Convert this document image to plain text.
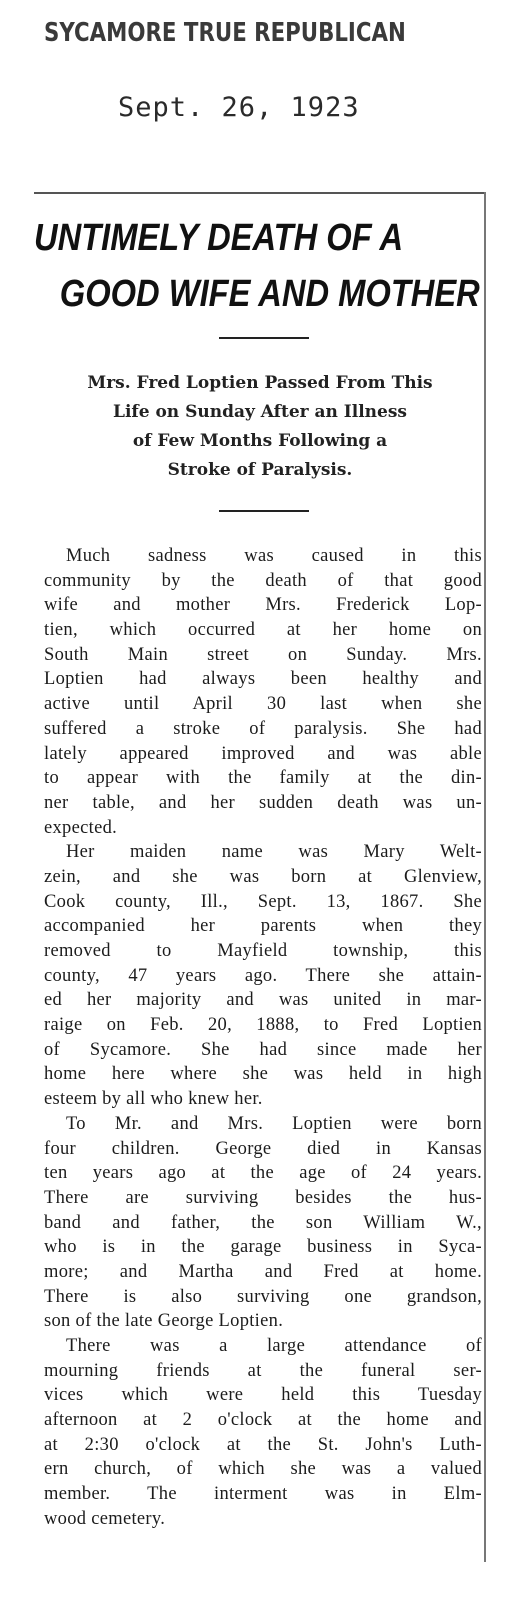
SYCAMORE TRUE REPUBLICAN
Sept. 26, 1923
UNTIMELY DEATH OF A
GOOD WIFE AND MOTHER
Mrs. Fred Loptien Passed From This
Life on Sunday After an Illness
of Few Months Following a
Stroke of Paralysis.
Much sadness was caused in this
community by the death of that good
wife and mother Mrs. Frederick Lop-
tien, which occurred at her home on
South Main street on Sunday. Mrs.
Loptien had always been healthy and
active until April 30 last when she
suffered a stroke of paralysis. She had
lately appeared improved and was able
to appear with the family at the din-
ner table, and her sudden death was un-
expected.
Her maiden name was Mary Welt-
zein, and she was born at Glenview,
Cook county, Ill., Sept. 13, 1867. She
accompanied her parents when they
removed to Mayfield township, this
county, 47 years ago. There she attain-
ed her majority and was united in mar-
raige on Feb. 20, 1888, to Fred Loptien
of Sycamore. She had since made her
home here where she was held in high
esteem by all who knew her.
To Mr. and Mrs. Loptien were born
four children. George died in Kansas
ten years ago at the age of 24 years.
There are surviving besides the hus-
band and father, the son William W.,
who is in the garage business in Syca-
more; and Martha and Fred at home.
There is also surviving one grandson,
son of the late George Loptien.
There was a large attendance of
mourning friends at the funeral ser-
vices which were held this Tuesday
afternoon at 2 o'clock at the home and
at 2:30 o'clock at the St. John's Luth-
ern church, of which she was a valued
member. The interment was in Elm-
wood cemetery.
